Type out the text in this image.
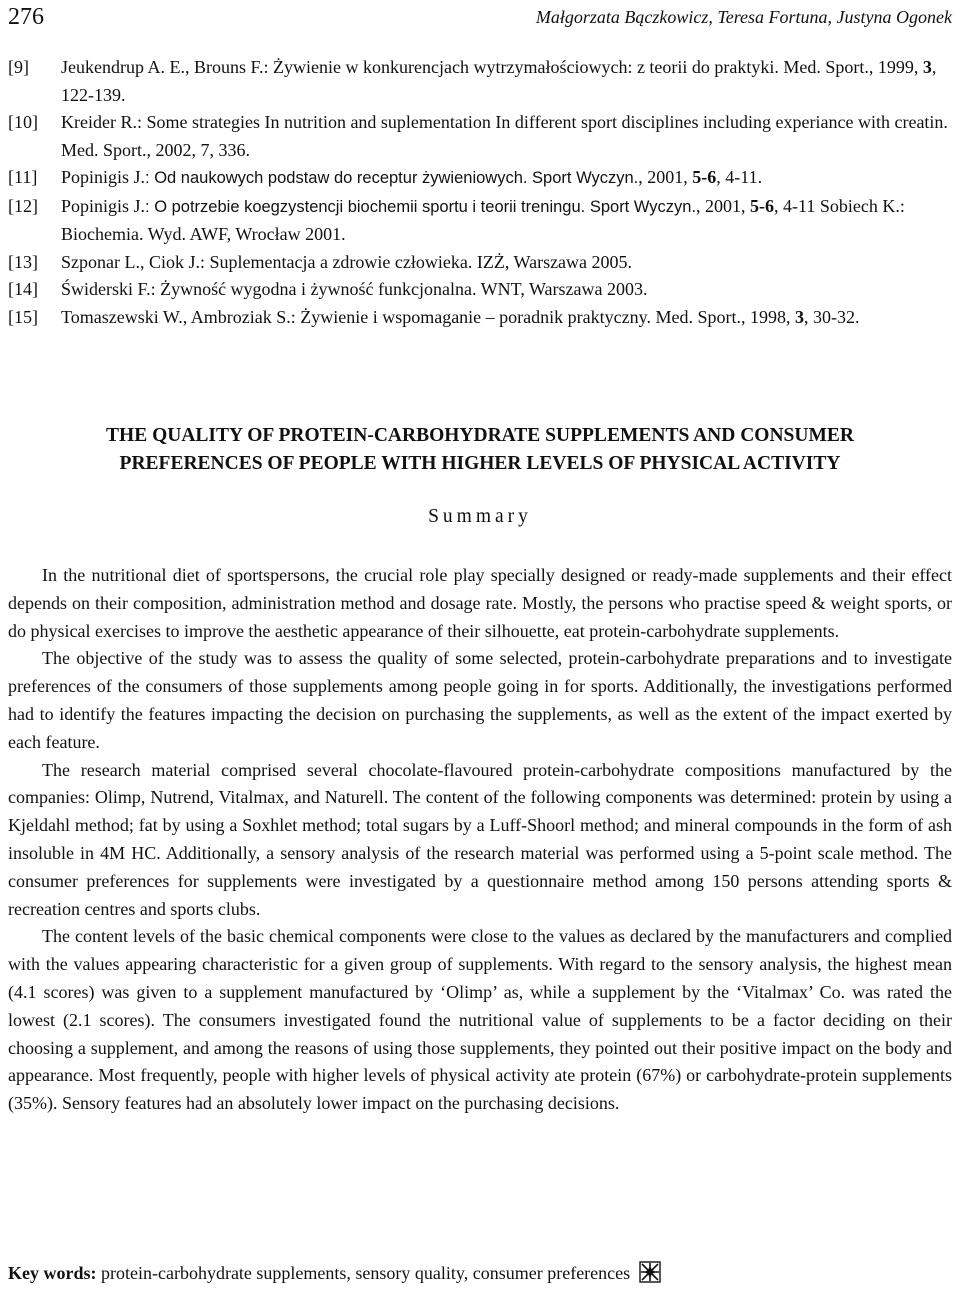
276	Małgorzata Bączkowicz, Teresa Fortuna, Justyna Ogonek
[9] Jeukendrup A. E., Brouns F.: Żywienie w konkurencjach wytrzymałościowych: z teorii do praktyki. Med. Sport., 1999, 3, 122-139.
[10] Kreider R.: Some strategies In nutrition and suplementation In different sport disciplines including experiance with creatin. Med. Sport., 2002, 7, 336.
[11] Popinigis J.: Od naukowych podstaw do receptur żywieniowych. Sport Wyczyn., 2001, 5-6, 4-11.
[12] Popinigis J.: O potrzebie koegzystencji biochemii sportu i teorii treningu. Sport Wyczyn., 2001, 5-6, 4-11 Sobiech K.: Biochemia. Wyd. AWF, Wrocław 2001.
[13] Szponar L., Ciok J.: Suplementacja a zdrowie człowieka. IZŻ, Warszawa 2005.
[14] Świderski F.: Żywność wygodna i żywność funkcjonalna. WNT, Warszawa 2003.
[15] Tomaszewski W., Ambroziak S.: Żywienie i wspomaganie – poradnik praktyczny. Med. Sport., 1998, 3, 30-32.
THE QUALITY OF PROTEIN-CARBOHYDRATE SUPPLEMENTS AND CONSUMER
PREFERENCES OF PEOPLE WITH HIGHER LEVELS OF PHYSICAL ACTIVITY
Summary

In the nutritional diet of sportspersons, the crucial role play specially designed or ready-made supplements and their effect depends on their composition, administration method and dosage rate. Mostly, the persons who practise speed & weight sports, or do physical exercises to improve the aesthetic appearance of their silhouette, eat protein-carbohydrate supplements.

The objective of the study was to assess the quality of some selected, protein-carbohydrate preparations and to investigate preferences of the consumers of those supplements among people going in for sports. Additionally, the investigations performed had to identify the features impacting the decision on purchasing the supplements, as well as the extent of the impact exerted by each feature.

The research material comprised several chocolate-flavoured protein-carbohydrate compositions manufactured by the companies: Olimp, Nutrend, Vitalmax, and Naturell. The content of the following components was determined: protein by using a Kjeldahl method; fat by using a Soxhlet method; total sugars by a Luff-Shoorl method; and mineral compounds in the form of ash insoluble in 4M HC. Additionally, a sensory analysis of the research material was performed using a 5-point scale method. The consumer preferences for supplements were investigated by a questionnaire method among 150 persons attending sports & recreation centres and sports clubs.

The content levels of the basic chemical components were close to the values as declared by the manufacturers and complied with the values appearing characteristic for a given group of supplements. With regard to the sensory analysis, the highest mean (4.1 scores) was given to a supplement manufactured by ‘Olimp’ as, while a supplement by the ‘Vitalmax’ Co. was rated the lowest (2.1 scores). The consumers investigated found the nutritional value of supplements to be a factor deciding on their choosing a supplement, and among the reasons of using those supplements, they pointed out their positive impact on the body and appearance. Most frequently, people with higher levels of physical activity ate protein (67%) or carbohydrate-protein supplements (35%). Sensory features had an absolutely lower impact on the purchasing decisions.

Key words: protein-carbohydrate supplements, sensory quality, consumer preferences
